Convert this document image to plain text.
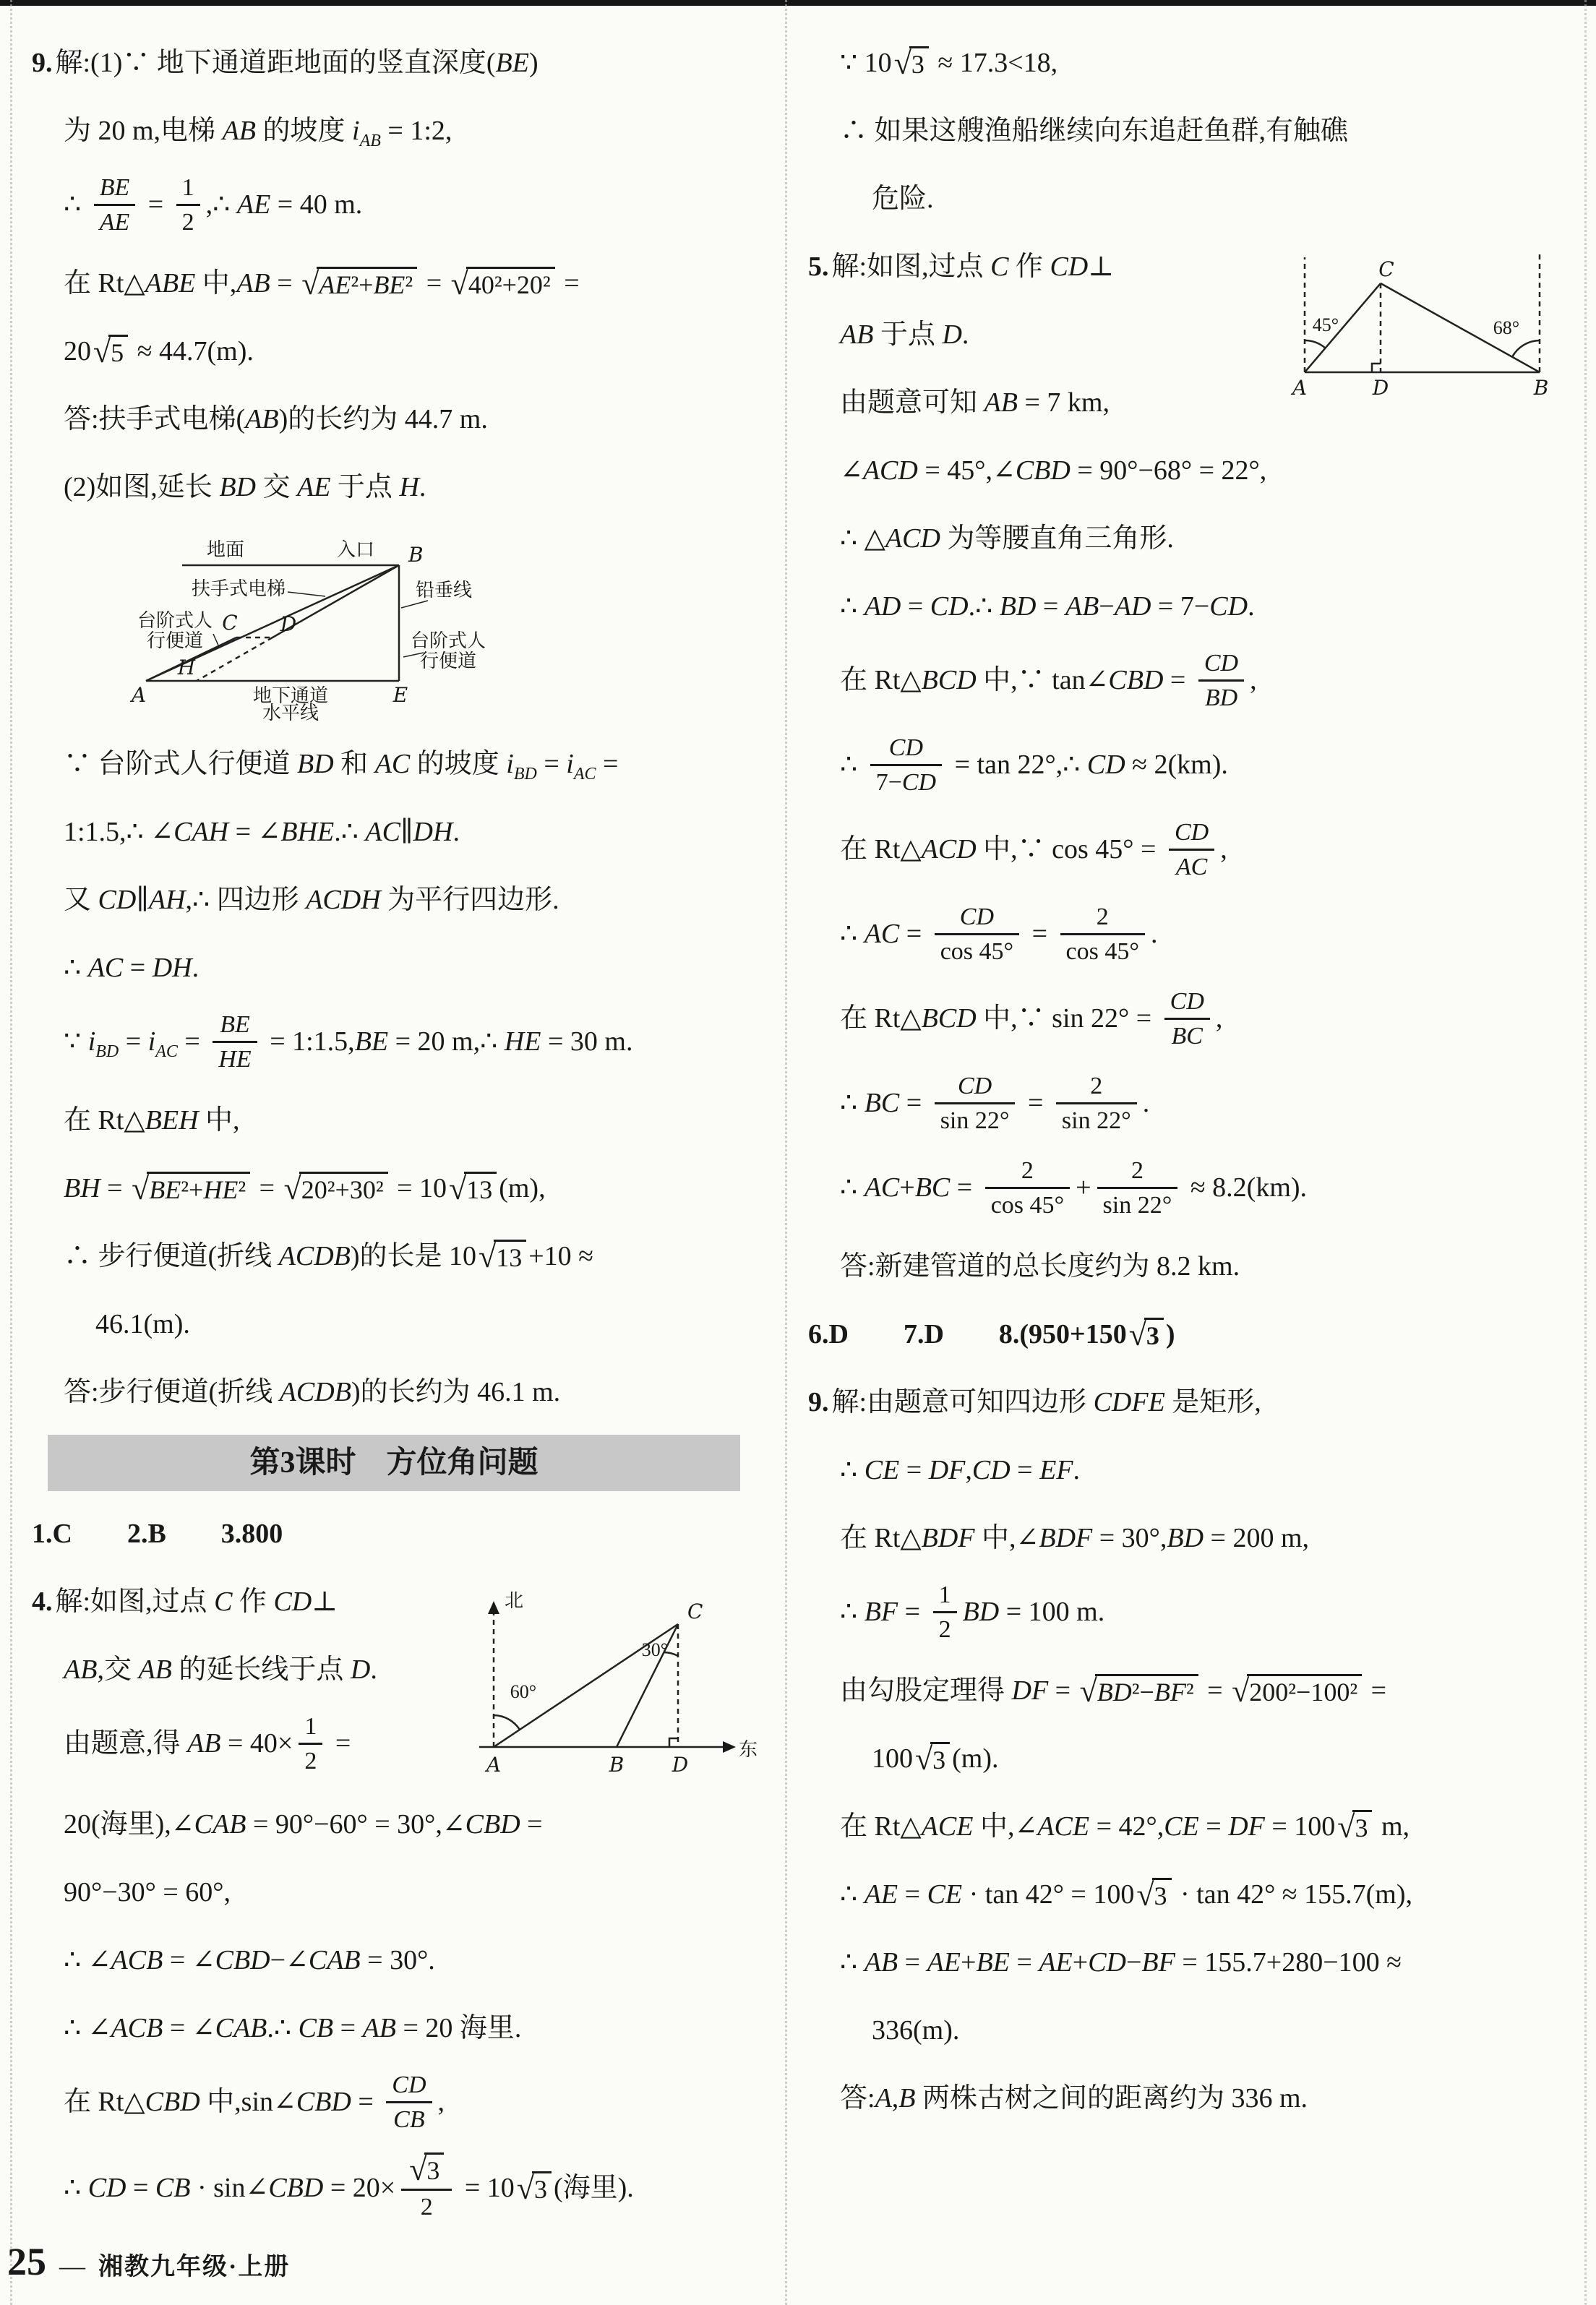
9. 解:(1)∵ 地下通道距地面的竖直深度(BE)
为 20 m,电梯 AB 的坡度 $i_{AB}$ = 1:2,
∴ $\frac{BE}{AE} = \frac{1}{2}$ ,∴ AE = 40 m.
在 Rt△ABE 中,AB = √ AE²+BE² = √ 40²+20² =
20 √ 5 ≈ 44.7(m).
答:扶手式电梯(AB)的长约为 44.7 m.
(2)如图,延长 BD 交 AE 于点 H.
地面	入口 B
扶手式电梯	铅垂线
台阶式人
行便道	台阶式人
行便道
C D
H
A	E
地下通道
水平线
∵ 台阶式人行便道 BD 和 AC 的坡度 $i_{BD} = i_{AC}$ =
1:1.5,∴ ∠CAH = ∠BHE.∴ AC∥DH.
又 CD∥AH,∴ 四边形 ACDH 为平行四边形.
∴ AC = DH.
∵ $i_{BD} = i_{AC} = \frac{BE}{HE}$ = 1:1.5,BE = 20 m,∴ HE = 30 m.
在 Rt△BEH 中,
BH = √ BE²+HE² = √ 20²+30² = 10 √ 13 (m),
∴ 步行便道(折线 ACDB)的长是 10 √ 13 +10 ≈
46.1(m).
答:步行便道(折线 ACDB)的长约为 46.1 m.
第3课时　方位角问题
1.C　　2.B　　3.800
4. 解:如图,过点 C 作 CD⊥
AB,交 AB 的延长线于点 D.
由题意,得 AB = $40\times \frac{1}{2}$ =
北
东
60°
30°
A	B D
C
20(海里),∠CAB = 90°−60° = 30°,∠CBD =
90°−30° = 60°,
∴ ∠ACB = ∠CBD−∠CAB = 30°.
∴ ∠ACB = ∠CAB.∴ CB = AB = 20 海里.
在 Rt△CBD 中,sin∠CBD = $\frac{CD}{CB}$ ,
∴ CD = CB · sin∠CBD = $20\times \frac{√ 3}{2} = 10$ √ 3 (海里).
∵ 10 √ 3 ≈ 17.3<18,
∴ 如果这艘渔船继续向东追赶鱼群,有触礁
危险.
5. 解:如图,过点 C 作 CD⊥
AB 于点 D.
由题意可知 AB = 7 km,
45°	68°
A	D	B
C
∠ACD = 45°,∠CBD = 90°−68° = 22°,
∴ △ACD 为等腰直角三角形.
∴ AD = CD.∴ BD = AB−AD = 7−CD.
在 Rt△BCD 中,∵ tan∠CBD = $\frac{CD}{BD}$ ,
∴ $\frac{CD}{7-CD} = \tan$ 22°,∴ CD ≈ 2(km).
在 Rt△ACD 中,∵ $\cos 45^\circ = \frac{CD}{AC}$ ,
∴ AC = $\frac{CD}{\cos 45^\circ} = \frac{2}{\cos 45^\circ}$ .
在 Rt△BCD 中,∵ $\sin 22^\circ = \frac{CD}{BC}$ ,
∴ BC = $\frac{CD}{\sin 22^\circ} = \frac{2}{\sin 22^\circ}$ .
∴ $AC+BC = \frac{2}{\cos 45^\circ} + \frac{2}{\sin 22^\circ} \approx 8.2(km)$.
答:新建管道的总长度约为 8.2 km.
6.D　　7.D　　8.(950+150 √ 3 )
9. 解:由题意可知四边形 CDFE 是矩形,
∴ CE = DF,CD = EF.
在 Rt△BDF 中,∠BDF = 30°,BD = 200 m,
∴ BF = $\frac{1}{2}$ BD = 100 m.
由勾股定理得 DF = √ BD²−BF² = √ 200²−100² =
100 √ 3 (m).
在 Rt△ACE 中,∠ACE = 42°,CE = DF = 100 √ 3 m,
∴ AE = CE · tan 42° = 100 √ 3 · tan 42° ≈ 155.7(m),
∴ AB = AE+BE = AE+CD−BF = 155.7+280−100 ≈
336(m).
答:A,B 两株古树之间的距离约为 336 m.
25 — 湘教九年级·上册
